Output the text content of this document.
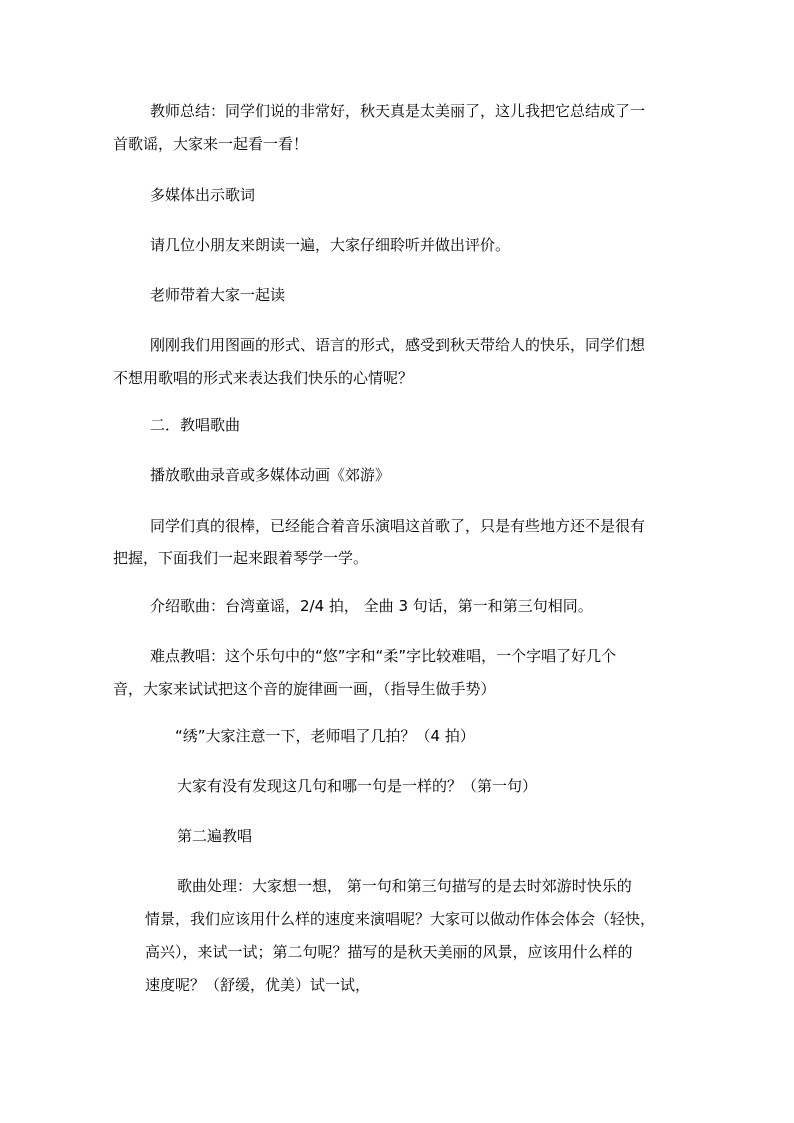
教师总结：同学们说的非常好，秋天真是太美丽了，这儿我把它总结成了一

首歌谣，大家来一起看一看！

多媒体出示歌词

请几位小朋友来朗读一遍，大家仔细聆听并做出评价。

老师带着大家一起读

刚刚我们用图画的形式、语言的形式，感受到秋天带给人的快乐，同学们想

不想用歌唱的形式来表达我们快乐的心情呢？

二．教唱歌曲

播放歌曲录音或多媒体动画《郊游》

同学们真的很棒，已经能合着音乐演唱这首歌了，只是有些地方还不是很有

把握，下面我们一起来跟着琴学一学。

介绍歌曲：台湾童谣，2/4 拍， 全曲 3 句话，第一和第三句相同。

难点教唱：这个乐句中的“悠”字和“柔”字比较难唱，一个字唱了好几个

音，大家来试试把这个音的旋律画一画，（指导生做手势）

“绣”大家注意一下，老师唱了几拍？（4 拍）

大家有没有发现这几句和哪一句是一样的？（第一句）

第二遍教唱

歌曲处理：大家想一想， 第一句和第三句描写的是去时郊游时快乐的

情景，我们应该用什么样的速度来演唱呢？大家可以做动作体会体会（轻快，

高兴），来试一试；第二句呢？描写的是秋天美丽的风景，应该用什么样的

速度呢？（舒缓，优美）试一试，
